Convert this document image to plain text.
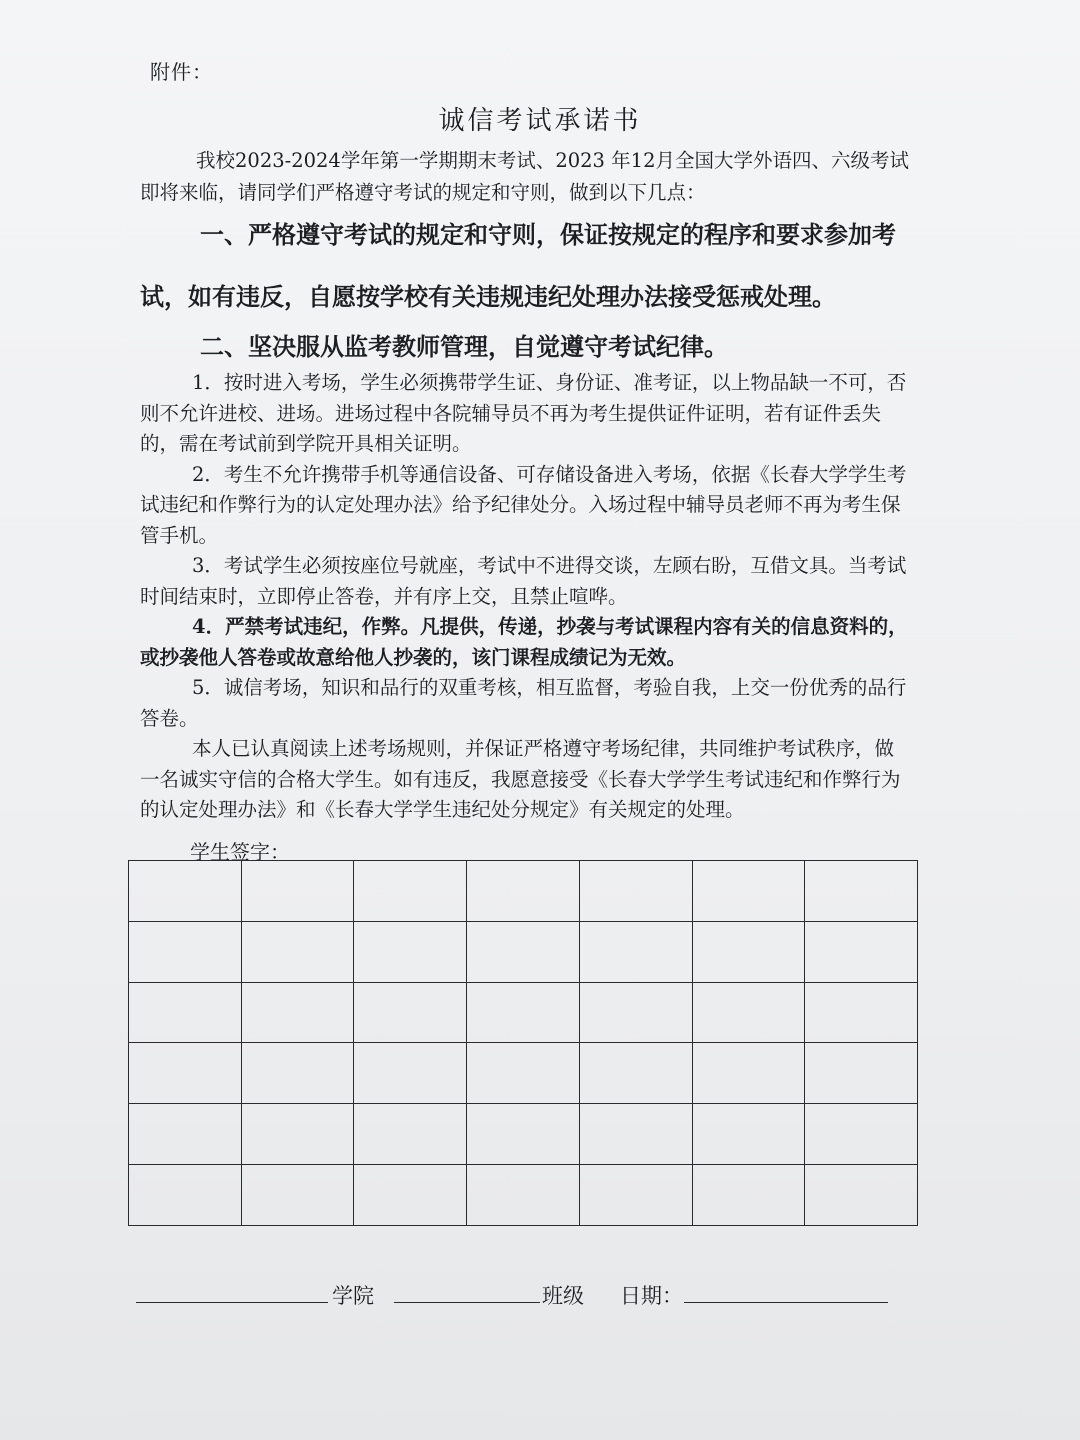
附件：
诚信考试承诺书

我校2023-2024学年第一学期期末考试、2023 年12月全国大学外语四、六级考试即将来临，请同学们严格遵守考试的规定和守则，做到以下几点：

一、严格遵守考试的规定和守则，保证按规定的程序和要求参加考试，如有违反，自愿按学校有关违规违纪处理办法接受惩戒处理。

二、坚决服从监考教师管理，自觉遵守考试纪律。

1．按时进入考场，学生必须携带学生证、身份证、准考证，以上物品缺一不可，否则不允许进校、进场。进场过程中各院辅导员不再为考生提供证件证明，若有证件丢失的，需在考试前到学院开具相关证明。

2．考生不允许携带手机等通信设备、可存储设备进入考场，依据《长春大学学生考试违纪和作弊行为的认定处理办法》给予纪律处分。入场过程中辅导员老师不再为考生保管手机。

3．考试学生必须按座位号就座，考试中不进得交谈，左顾右盼，互借文具。当考试时间结束时，立即停止答卷，并有序上交，且禁止喧哗。

4．严禁考试违纪，作弊。凡提供，传递，抄袭与考试课程内容有关的信息资料的，或抄袭他人答卷或故意给他人抄袭的，该门课程成绩记为无效。

5．诚信考场，知识和品行的双重考核，相互监督，考验自我，上交一份优秀的品行答卷。

本人已认真阅读上述考场规则，并保证严格遵守考场纪律，共同维护考试秩序，做一名诚实守信的合格大学生。如有违反，我愿意接受《长春大学学生考试违纪和作弊行为的认定处理办法》和《长春大学学生违纪处分规定》有关规定的处理。

学生签字：

学院	班级 日期：
